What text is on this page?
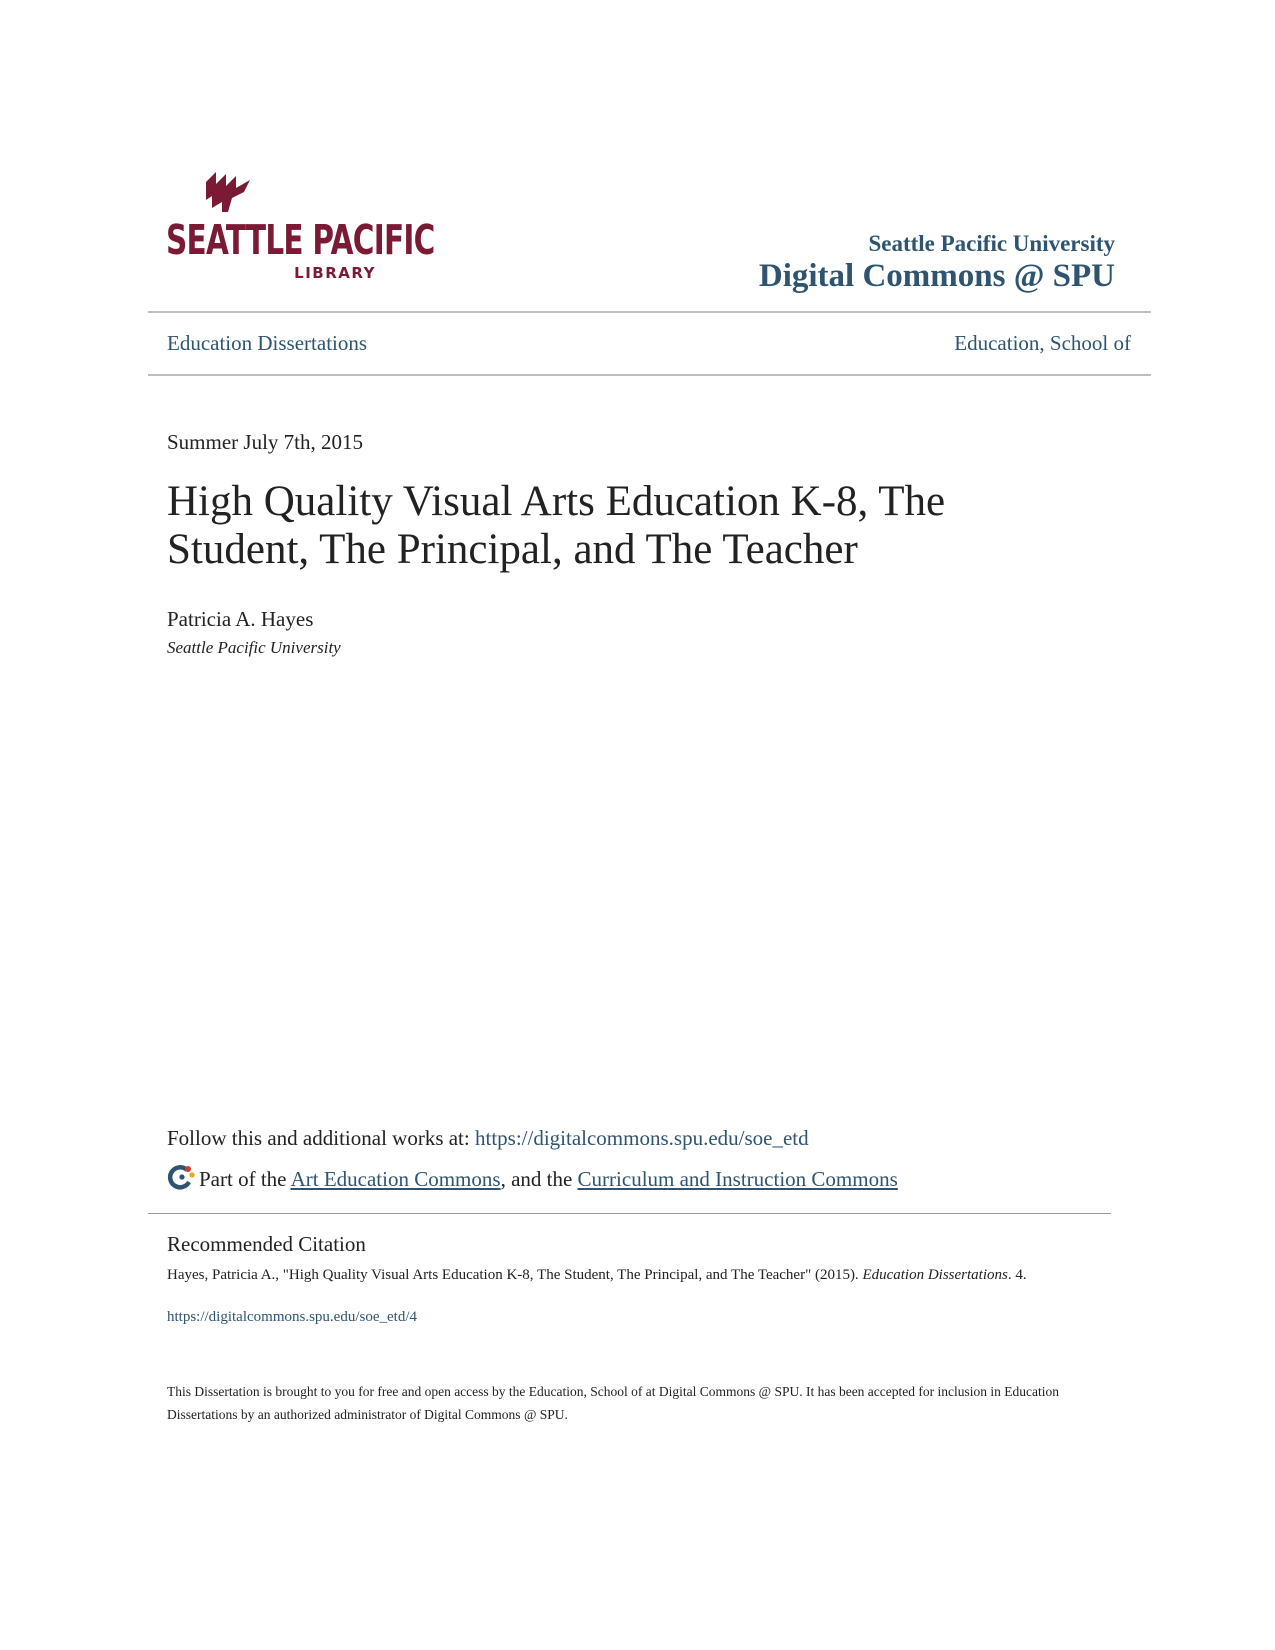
SEATTLE PACIFIC
LIBRARY
Seattle Pacific University
Digital Commons @ SPU
Education Dissertations	Education, School of
Summer July 7th, 2015
High Quality Visual Arts Education K-8, The Student, The Principal, and The Teacher
Patricia A. Hayes
Seattle Pacific University
Follow this and additional works at: https://digitalcommons.spu.edu/soe_etd
Part of the Art Education Commons, and the Curriculum and Instruction Commons
Recommended Citation
Hayes, Patricia A., "High Quality Visual Arts Education K-8, The Student, The Principal, and The Teacher" (2015). Education Dissertations. 4.
https://digitalcommons.spu.edu/soe_etd/4
This Dissertation is brought to you for free and open access by the Education, School of at Digital Commons @ SPU. It has been accepted for inclusion in Education Dissertations by an authorized administrator of Digital Commons @ SPU.
